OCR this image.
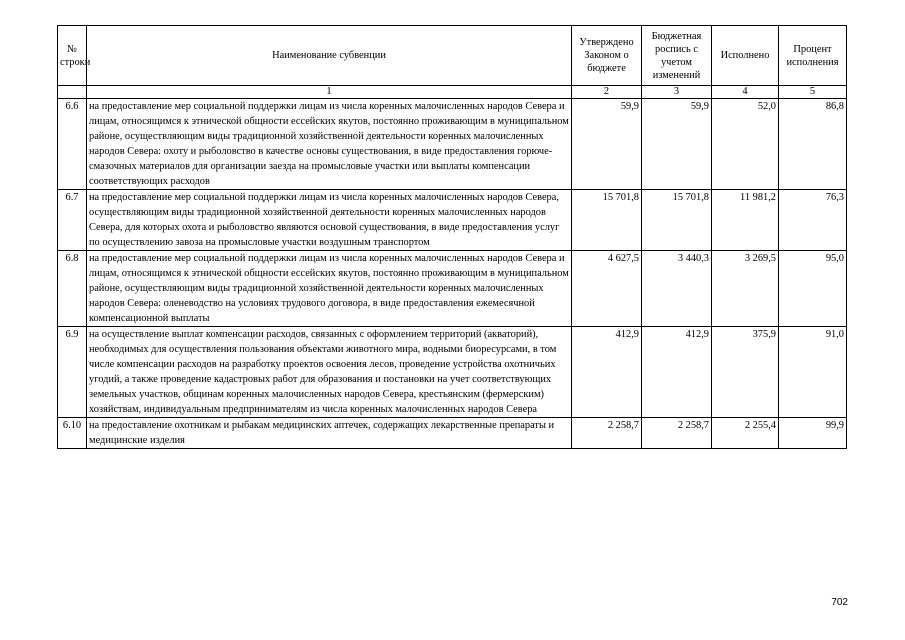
№ строки	Наименование субвенции	Утверждено Законом о бюджете	Бюджетная роспись с учетом изменений	Исполнено	Процент исполнения
	1	2	3	4	5
6.6	на предоставление мер социальной поддержки лицам из числа коренных малочисленных народов Севера и лицам, относящимся к этнической общности ессейских якутов, постоянно проживающим в муниципальном районе, осуществляющим виды традиционной хозяйственной деятельности коренных малочисленных народов Севера: охоту и рыболовство в качестве основы существования, в виде предоставления горюче-смазочных материалов для организации заезда на промысловые участки или выплаты компенсации соответствующих расходов	59,9	59,9	52,0	86,8
6.7	на предоставление мер социальной поддержки лицам из числа коренных малочисленных народов Севера, осуществляющим виды традиционной хозяйственной деятельности коренных малочисленных народов Севера, для которых охота и рыболовство являются основой существования, в виде предоставления услуг по осуществлению завоза на промысловые участки воздушным транспортом	15 701,8	15 701,8	11 981,2	76,3
6.8	на предоставление мер социальной поддержки лицам из числа коренных малочисленных народов Севера и лицам, относящимся к этнической общности ессейских якутов, постоянно проживающим в муниципальном районе, осуществляющим виды традиционной хозяйственной деятельности коренных малочисленных народов Севера: оленеводство на условиях трудового договора, в виде предоставления ежемесячной компенсационной выплаты	4 627,5	3 440,3	3 269,5	95,0
6.9	на осуществление выплат компенсации расходов, связанных с оформлением территорий (акваторий), необходимых для осуществления пользования объектами животного мира, водными биоресурсами, в том числе компенсации расходов на разработку проектов освоения лесов, проведение устройства охотничьих угодий, а также проведение кадастровых работ для образования и постановки на учет соответствующих земельных участков, общинам коренных малочисленных народов Севера, крестьянским (фермерским) хозяйствам, индивидуальным предпринимателям из числа коренных малочисленных народов Севера	412,9	412,9	375,9	91,0
6.10	на предоставление охотникам и рыбакам медицинских аптечек, содержащих лекарственные препараты и медицинские изделия	2 258,7	2 258,7	2 255,4	99,9
702
